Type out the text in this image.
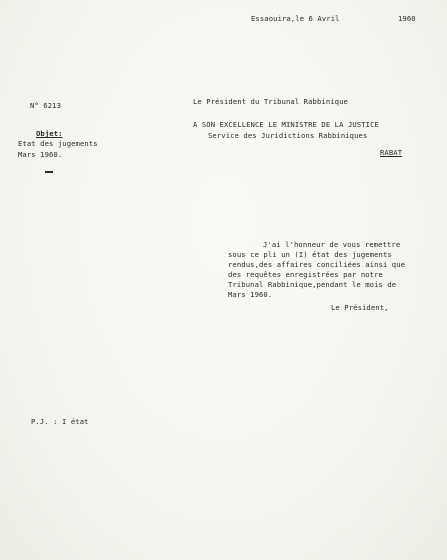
Essaouira,le 6 Avril	1960
N° 6213	Le Président du Tribunal Rabbinique
A SON EXCELLENCE LE MINISTRE DE LA JUSTICE
Service des Juridictions Rabbiniques
RABAT
Objet:
Etat des jugements
Mars 1960.
J'ai l'honneur de vous remettre
sous ce pli un (I) état des jugements
rendus,des affaires conciliées ainsi que
des requêtes enregistrées par notre
Tribunal Rabbinique,pendant le mois de
Mars 1960.
Le Président,
P.J. : I état
